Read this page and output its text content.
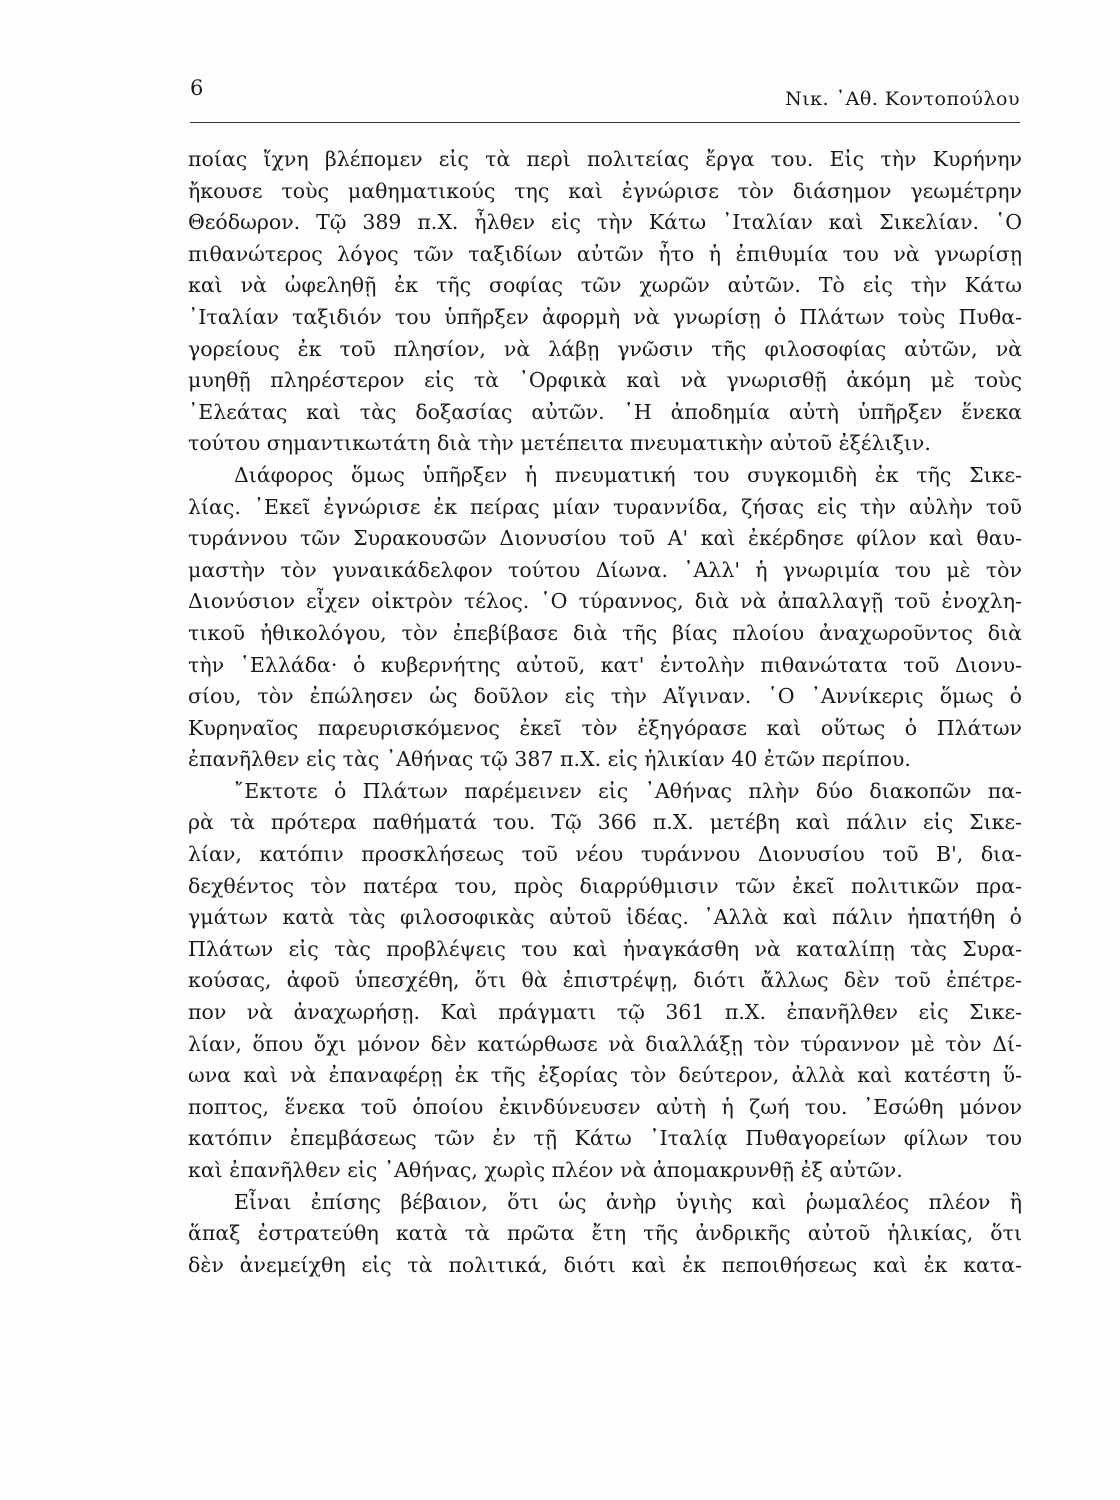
6	Νικ. ᾿Αθ. Κοντοπούλου
ποίας ἴχνη βλέπομεν εἰς τὰ περὶ πολιτείας ἔργα του. Εἰς τὴν Κυρήνην
ἤκουσε τοὺς μαθηματικούς της καὶ ἐγνώρισε τὸν διάσημον γεωμέτρην
Θεόδωρον. Τῷ 389 π.Χ. ἦλθεν εἰς τὴν Κάτω ᾿Ιταλίαν καὶ Σικελίαν. ῾Ο
πιθανώτερος λόγος τῶν ταξιδίων αὐτῶν ἦτο ἡ ἐπιθυμία του νὰ γνωρίσῃ
καὶ νὰ ὠφεληθῇ ἐκ τῆς σοφίας τῶν χωρῶν αὐτῶν. Τὸ εἰς τὴν Κάτω
᾿Ιταλίαν ταξιδιόν του ὑπῆρξεν ἀφορμὴ νὰ γνωρίσῃ ὁ Πλάτων τοὺς Πυθα-
γορείους ἐκ τοῦ πλησίον, νὰ λάβῃ γνῶσιν τῆς φιλοσοφίας αὐτῶν, νὰ
μυηθῇ πληρέστερον εἰς τὰ ᾿Ορφικὰ καὶ νὰ γνωρισθῇ ἀκόμη μὲ τοὺς
᾿Ελεάτας καὶ τὰς δοξασίας αὐτῶν. ῾Η ἀποδημία αὐτὴ ὑπῆρξεν ἕνεκα
τούτου σημαντικωτάτη διὰ τὴν μετέπειτα πνευματικὴν αὐτοῦ ἐξέλιξιν.
Διάφορος ὅμως ὑπῆρξεν ἡ πνευματική του συγκομιδὴ ἐκ τῆς Σικε-
λίας. ᾿Εκεῖ ἐγνώρισε ἐκ πείρας μίαν τυραννίδα, ζήσας εἰς τὴν αὐλὴν τοῦ
τυράννου τῶν Συρακουσῶν Διονυσίου τοῦ Α' καὶ ἐκέρδησε φίλον καὶ θαυ-
μαστὴν τὸν γυναικάδελφον τούτου Δίωνα. ᾿Αλλ' ἡ γνωριμία του μὲ τὸν
Διονύσιον εἶχεν οἰκτρὸν τέλος. ῾Ο τύραννος, διὰ νὰ ἀπαλλαγῇ τοῦ ἐνοχλη-
τικοῦ ἠθικολόγου, τὸν ἐπεβίβασε διὰ τῆς βίας πλοίου ἀναχωροῦντος διὰ
τὴν ῾Ελλάδα· ὁ κυβερνήτης αὐτοῦ, κατ' ἐντολὴν πιθανώτατα τοῦ Διονυ-
σίου, τὸν ἐπώλησεν ὡς δοῦλον εἰς τὴν Αἴγιναν. ῾Ο ᾿Αννίκερις ὅμως ὁ
Κυρηναῖος παρευρισκόμενος ἐκεῖ τὸν ἐξηγόρασε καὶ οὕτως ὁ Πλάτων
ἐπανῆλθεν εἰς τὰς ᾿Αθήνας τῷ 387 π.Χ. εἰς ἡλικίαν 40 ἐτῶν περίπου.
῎Εκτοτε ὁ Πλάτων παρέμεινεν εἰς ᾿Αθήνας πλὴν δύο διακοπῶν πα-
ρὰ τὰ πρότερα παθήματά του. Τῷ 366 π.Χ. μετέβη καὶ πάλιν εἰς Σικε-
λίαν, κατόπιν προσκλήσεως τοῦ νέου τυράννου Διονυσίου τοῦ Β', δια-
δεχθέντος τὸν πατέρα του, πρὸς διαρρύθμισιν τῶν ἐκεῖ πολιτικῶν πρα-
γμάτων κατὰ τὰς φιλοσοφικὰς αὐτοῦ ἰδέας. ᾿Αλλὰ καὶ πάλιν ἠπατήθη ὁ
Πλάτων εἰς τὰς προβλέψεις του καὶ ἠναγκάσθη νὰ καταλίπῃ τὰς Συρα-
κούσας, ἀφοῦ ὑπεσχέθη, ὅτι θὰ ἐπιστρέψῃ, διότι ἄλλως δὲν τοῦ ἐπέτρε-
πον νὰ ἀναχωρήσῃ. Καὶ πράγματι τῷ 361 π.Χ. ἐπανῆλθεν εἰς Σικε-
λίαν, ὅπου ὄχι μόνον δὲν κατώρθωσε νὰ διαλλάξῃ τὸν τύραννον μὲ τὸν Δί-
ωνα καὶ νὰ ἐπαναφέρῃ ἐκ τῆς ἐξορίας τὸν δεύτερον, ἀλλὰ καὶ κατέστη ὕ-
ποπτος, ἕνεκα τοῦ ὁποίου ἐκινδύνευσεν αὐτὴ ἡ ζωή του. ᾿Εσώθη μόνον
κατόπιν ἐπεμβάσεως τῶν ἐν τῇ Κάτω ᾿Ιταλίᾳ Πυθαγορείων φίλων του
καὶ ἐπανῆλθεν εἰς ᾿Αθήνας, χωρὶς πλέον νὰ ἀπομακρυνθῇ ἐξ αὐτῶν.
Εἶναι ἐπίσης βέβαιον, ὅτι ὡς ἀνὴρ ὑγιὴς καὶ ῥωμαλέος πλέον ἢ
ἅπαξ ἐστρατεύθη κατὰ τὰ πρῶτα ἔτη τῆς ἀνδρικῆς αὐτοῦ ἡλικίας, ὅτι
δὲν ἀνεμείχθη εἰς τὰ πολιτικά, διότι καὶ ἐκ πεποιθήσεως καὶ ἐκ κατα-
